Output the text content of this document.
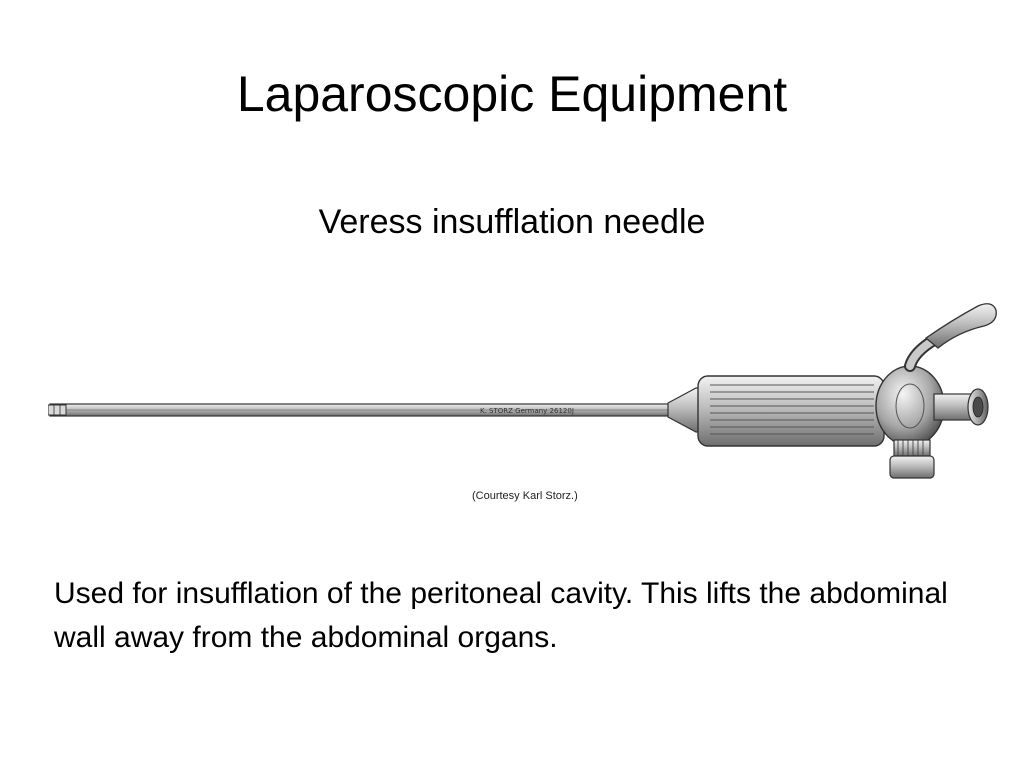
Laparoscopic Equipment
Veress insufflation needle
K. STORZ Germany 26120J
(Courtesy Karl Storz.)

Used for insufflation of the peritoneal cavity. This lifts the abdominal wall away from the abdominal organs.
